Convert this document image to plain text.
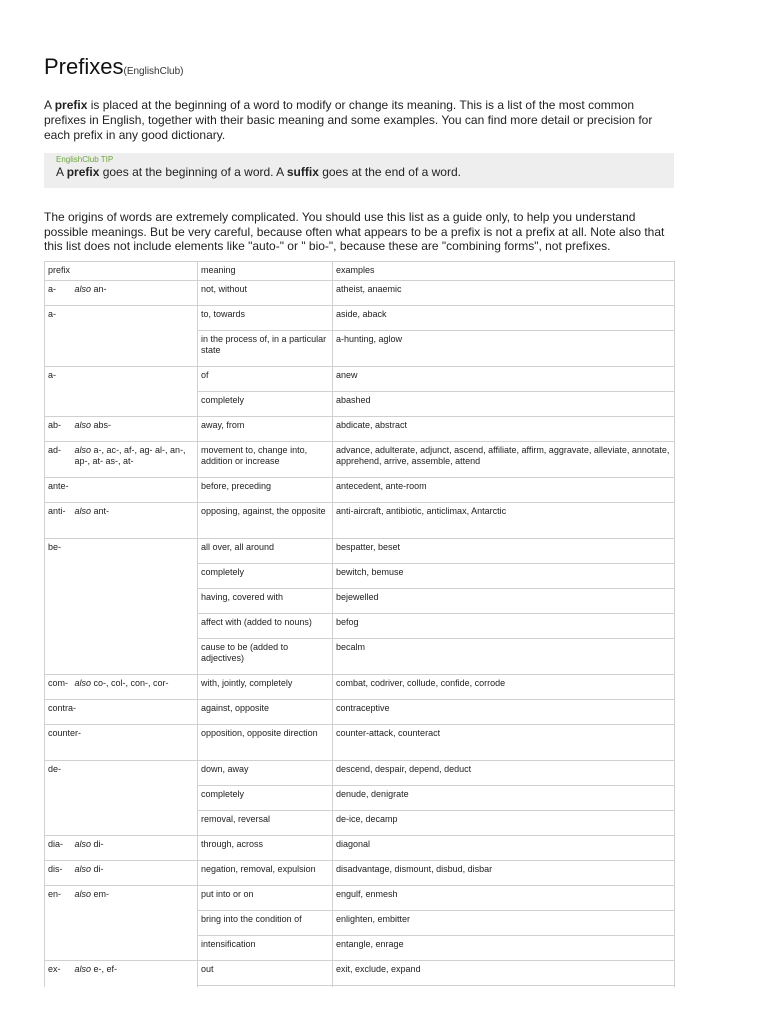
Prefixes(EnglishClub)

A prefix is placed at the beginning of a word to modify or change its meaning. This is a list of the most common prefixes in English, together with their basic meaning and some examples. You can find more detail or precision for each prefix in any good dictionary.

EnglishClub TIP
A prefix goes at the beginning of a word. A suffix goes at the end of a word.

The origins of words are extremely complicated. You should use this list as a guide only, to help you understand possible meanings. But be very careful, because often what appears to be a prefix is not a prefix at all. Note also that this list does not include elements like "auto-" or " bio-", because these are "combining forms", not prefixes.

prefix		meaning	examples
a-	also an-	not, without	atheist, anaemic
a-		to, towards	aside, aback
		in the process of, in a particular state	a-hunting, aglow
a-		of	anew
		completely	abashed
ab-	also abs-	away, from	abdicate, abstract
ad-	also a-, ac-, af-, ag- al-, an-, ap-, at- as-, at-	movement to, change into, addition or increase	advance, adulterate, adjunct, ascend, affiliate, affirm, aggravate, alleviate, annotate, apprehend, arrive, assemble, attend
ante-		before, preceding	antecedent, ante-room
anti-	also ant-	opposing, against, the opposite	anti-aircraft, antibiotic, anticlimax, Antarctic
be-		all over, all around	bespatter, beset
		completely	bewitch, bemuse
		having, covered with	bejewelled
		affect with (added to nouns)	befog
		cause to be (added to adjectives)	becalm
com-	also co-, col-, con-, cor-	with, jointly, completely	combat, codriver, collude, confide, corrode
contra-		against, opposite	contraceptive
counter-		opposition, opposite direction	counter-attack, counteract
de-		down, away	descend, despair, depend, deduct
		completely	denude, denigrate
		removal, reversal	de-ice, decamp
dia-	also di-	through, across	diagonal
dis-	also di-	negation, removal, expulsion	disadvantage, dismount, disbud, disbar
en-	also em-	put into or on	engulf, enmesh
		bring into the condition of	enlighten, embitter
		intensification	entangle, enrage
ex-	also e-, ef-	out	exit, exclude, expand
